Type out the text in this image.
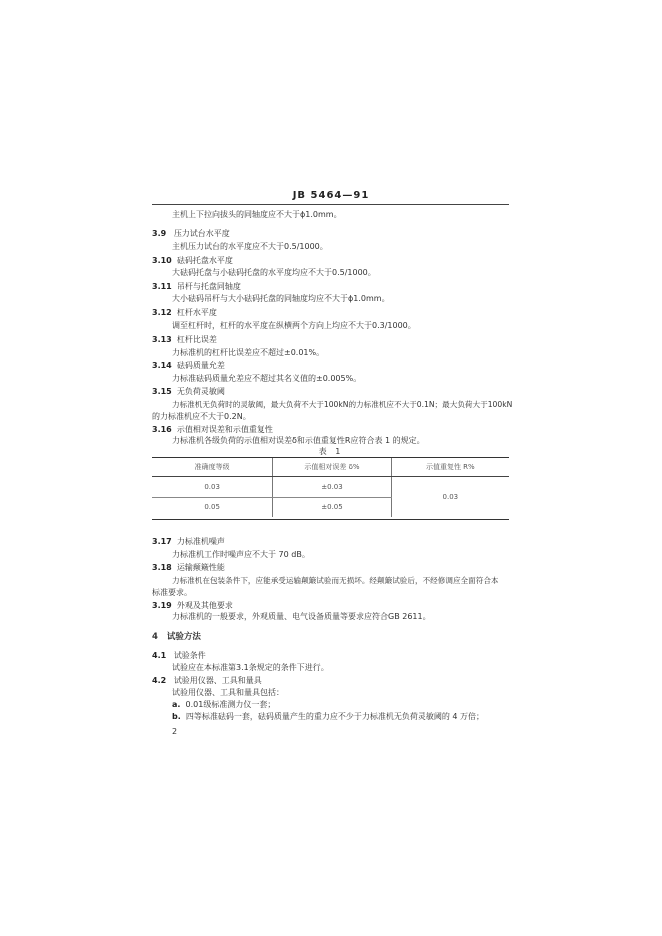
JB 5464—91
主机上下拉向拔头的同轴度应不大于ϕ1.0mm。
3.9 压力试台水平度
主机压力试台的水平度应不大于0.5/1000。
3.10 砝码托盘水平度
大砝码托盘与小砝码托盘的水平度均应不大于0.5/1000。
3.11 吊杆与托盘同轴度
大小砝码吊杆与大小砝码托盘的同轴度均应不大于ϕ1.0mm。
3.12 杠杆水平度
调至杠杆时，杠杆的水平度在纵横两个方向上均应不大于0.3/1000。
3.13 杠杆比误差
力标准机的杠杆比误差应不超过±0.01%。
3.14 砝码质量允差
力标准砝码质量允差应不超过其名义值的±0.005%。
3.15 无负荷灵敏阈
力标准机无负荷时的灵敏阈，最大负荷不大于100kN的力标准机应不大于0.1N；最大负荷大于100kN
的力标准机应不大于0.2N。
3.16 示值相对误差和示值重复性
力标准机各级负荷的示值相对误差δ和示值重复性R应符合表 1 的规定。
表 1
准确度等级	示值相对误差 δ%	示值重复性 R%
0.03	±0.03	0.03
0.05	±0.05	
3.17 力标准机噪声
力标准机工作时噪声应不大于 70 dB。
3.18 运输颠簸性能
力标准机在包装条件下，应能承受运输颠簸试验而无损坏。经颠簸试验后，不经修调应全面符合本
标准要求。
3.19 外观及其他要求
力标准机的一般要求，外观质量、电气设备质量等要求应符合GB 2611。
4 试验方法
4.1 试验条件
试验应在本标准第3.1条规定的条件下进行。
4.2 试验用仪器、工具和量具
试验用仪器、工具和量具包括：
a. 0.01级标准测力仪一套；
b. 四等标准砝码一套，砝码质量产生的重力应不少于力标准机无负荷灵敏阈的 4 万倍；
2
